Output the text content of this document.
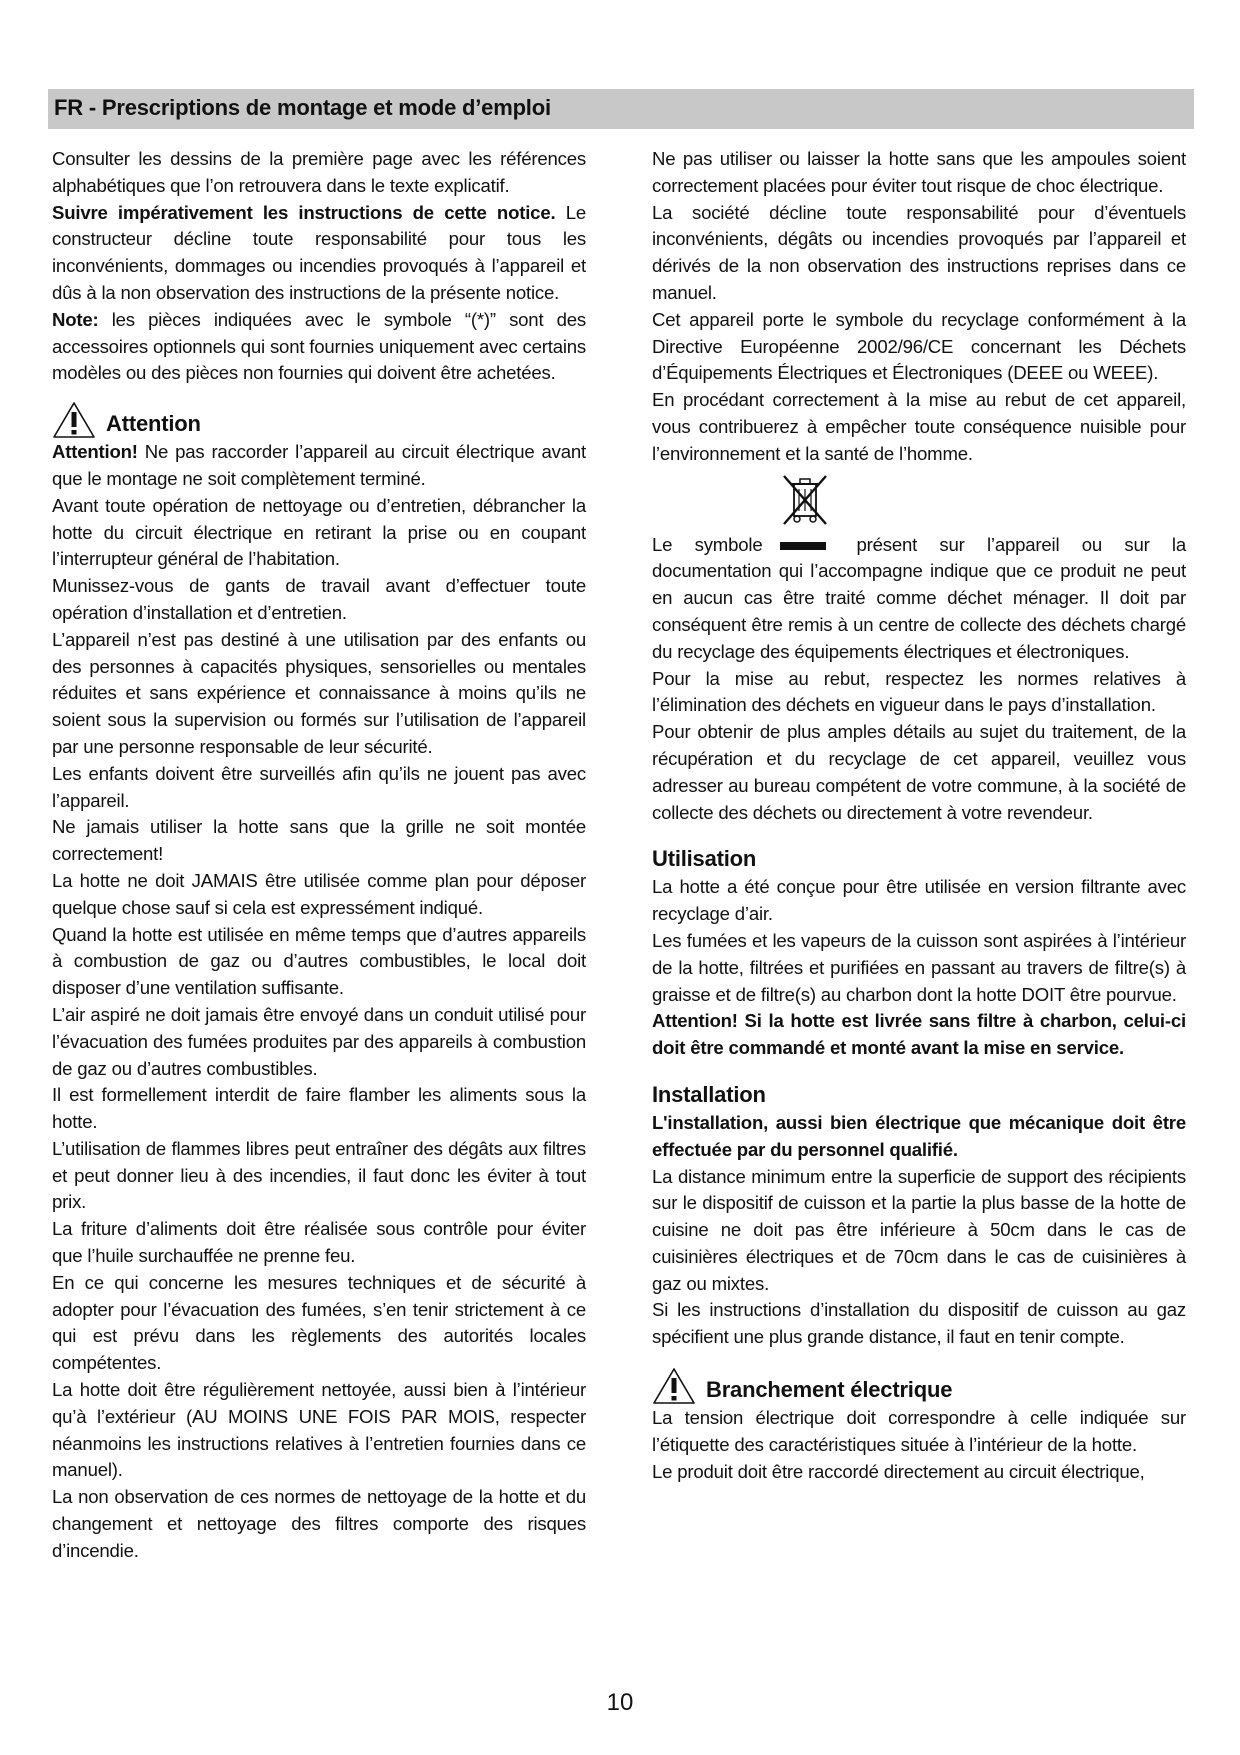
FR - Prescriptions de montage et mode d’emploi

Consulter les dessins de la première page avec les références alphabétiques que l’on retrouvera dans le texte explicatif.

Suivre impérativement les instructions de cette notice. Le constructeur décline toute responsabilité pour tous les inconvénients, dommages ou incendies provoqués à l’appareil et dûs à la non observation des instructions de la présente notice.

Note: les pièces indiquées avec le symbole “(*)” sont des accessoires optionnels qui sont fournies uniquement avec certains modèles ou des pièces non fournies qui doivent être achetées.

Attention

Attention! Ne pas raccorder l’appareil au circuit électrique avant que le montage ne soit complètement terminé.

Avant toute opération de nettoyage ou d’entretien, débrancher la hotte du circuit électrique en retirant la prise ou en coupant l’interrupteur général de l’habitation.

Munissez-vous de gants de travail avant d’effectuer toute opération d’installation et d’entretien.

L’appareil n’est pas destiné à une utilisation par des enfants ou des personnes à capacités physiques, sensorielles ou mentales réduites et sans expérience et connaissance à moins qu’ils ne soient sous la supervision ou formés sur l’utilisation de l’appareil par une personne responsable de leur sécurité.

Les enfants doivent être surveillés afin qu’ils ne jouent pas avec l’appareil.

Ne jamais utiliser la hotte sans que la grille ne soit montée correctement!

La hotte ne doit JAMAIS être utilisée comme plan pour déposer quelque chose sauf si cela est expressément indiqué.

Quand la hotte est utilisée en même temps que d’autres appareils à combustion de gaz ou d’autres combustibles, le local doit disposer d’une ventilation suffisante.

L’air aspiré ne doit jamais être envoyé dans un conduit utilisé pour l’évacuation des fumées produites par des appareils à combustion de gaz ou d’autres combustibles.

Il est formellement interdit de faire flamber les aliments sous la hotte.

L’utilisation de flammes libres peut entraîner des dégâts aux filtres et peut donner lieu à des incendies, il faut donc les éviter à tout prix.

La friture d’aliments doit être réalisée sous contrôle pour éviter que l’huile surchauffée ne prenne feu.

En ce qui concerne les mesures techniques et de sécurité à adopter pour l’évacuation des fumées, s’en tenir strictement à ce qui est prévu dans les règlements des autorités locales compétentes.

La hotte doit être régulièrement nettoyée, aussi bien à l’intérieur qu’à l’extérieur (AU MOINS UNE FOIS PAR MOIS, respecter néanmoins les instructions relatives à l’entretien fournies dans ce manuel).

La non observation de ces normes de nettoyage de la hotte et du changement et nettoyage des filtres comporte des risques d’incendie.

Ne pas utiliser ou laisser la hotte sans que les ampoules soient correctement placées pour éviter tout risque de choc électrique.

La société décline toute responsabilité pour d’éventuels inconvénients, dégâts ou incendies provoqués par l’appareil et dérivés de la non observation des instructions reprises dans ce manuel.

Cet appareil porte le symbole du recyclage conformément à la Directive Européenne 2002/96/CE concernant les Déchets d’Équipements Électriques et Électroniques (DEEE ou WEEE).

En procédant correctement à la mise au rebut de cet appareil, vous contribuerez à empêcher toute conséquence nuisible pour l’environnement et la santé de l’homme.

Le symbole	présent sur l’appareil ou sur la documentation qui l’accompagne indique que ce produit ne peut en aucun cas être traité comme déchet ménager. Il doit par conséquent être remis à un centre de collecte des déchets chargé du recyclage des équipements électriques et électroniques.

Pour la mise au rebut, respectez les normes relatives à l’élimination des déchets en vigueur dans le pays d’installation.

Pour obtenir de plus amples détails au sujet du traitement, de la récupération et du recyclage de cet appareil, veuillez vous adresser au bureau compétent de votre commune, à la société de collecte des déchets ou directement à votre revendeur.

Utilisation

La hotte a été conçue pour être utilisée en version filtrante avec recyclage d’air.

Les fumées et les vapeurs de la cuisson sont aspirées à l’intérieur de la hotte, filtrées et purifiées en passant au travers de filtre(s) à graisse et de filtre(s) au charbon dont la hotte DOIT être pourvue.

Attention! Si la hotte est livrée sans filtre à charbon, celui-ci doit être commandé et monté avant la mise en service.

Installation

L'installation, aussi bien électrique que mécanique doit être effectuée par du personnel qualifié.

La distance minimum entre la superficie de support des récipients sur le dispositif de cuisson et la partie la plus basse de la hotte de cuisine ne doit pas être inférieure à 50cm dans le cas de cuisinières électriques et de 70cm dans le cas de cuisinières à gaz ou mixtes.

Si les instructions d’installation du dispositif de cuisson au gaz spécifient une plus grande distance, il faut en tenir compte.

Branchement électrique

La tension électrique doit correspondre à celle indiquée sur l’étiquette des caractéristiques située à l’intérieur de la hotte.

Le produit doit être raccordé directement au circuit électrique,

10
